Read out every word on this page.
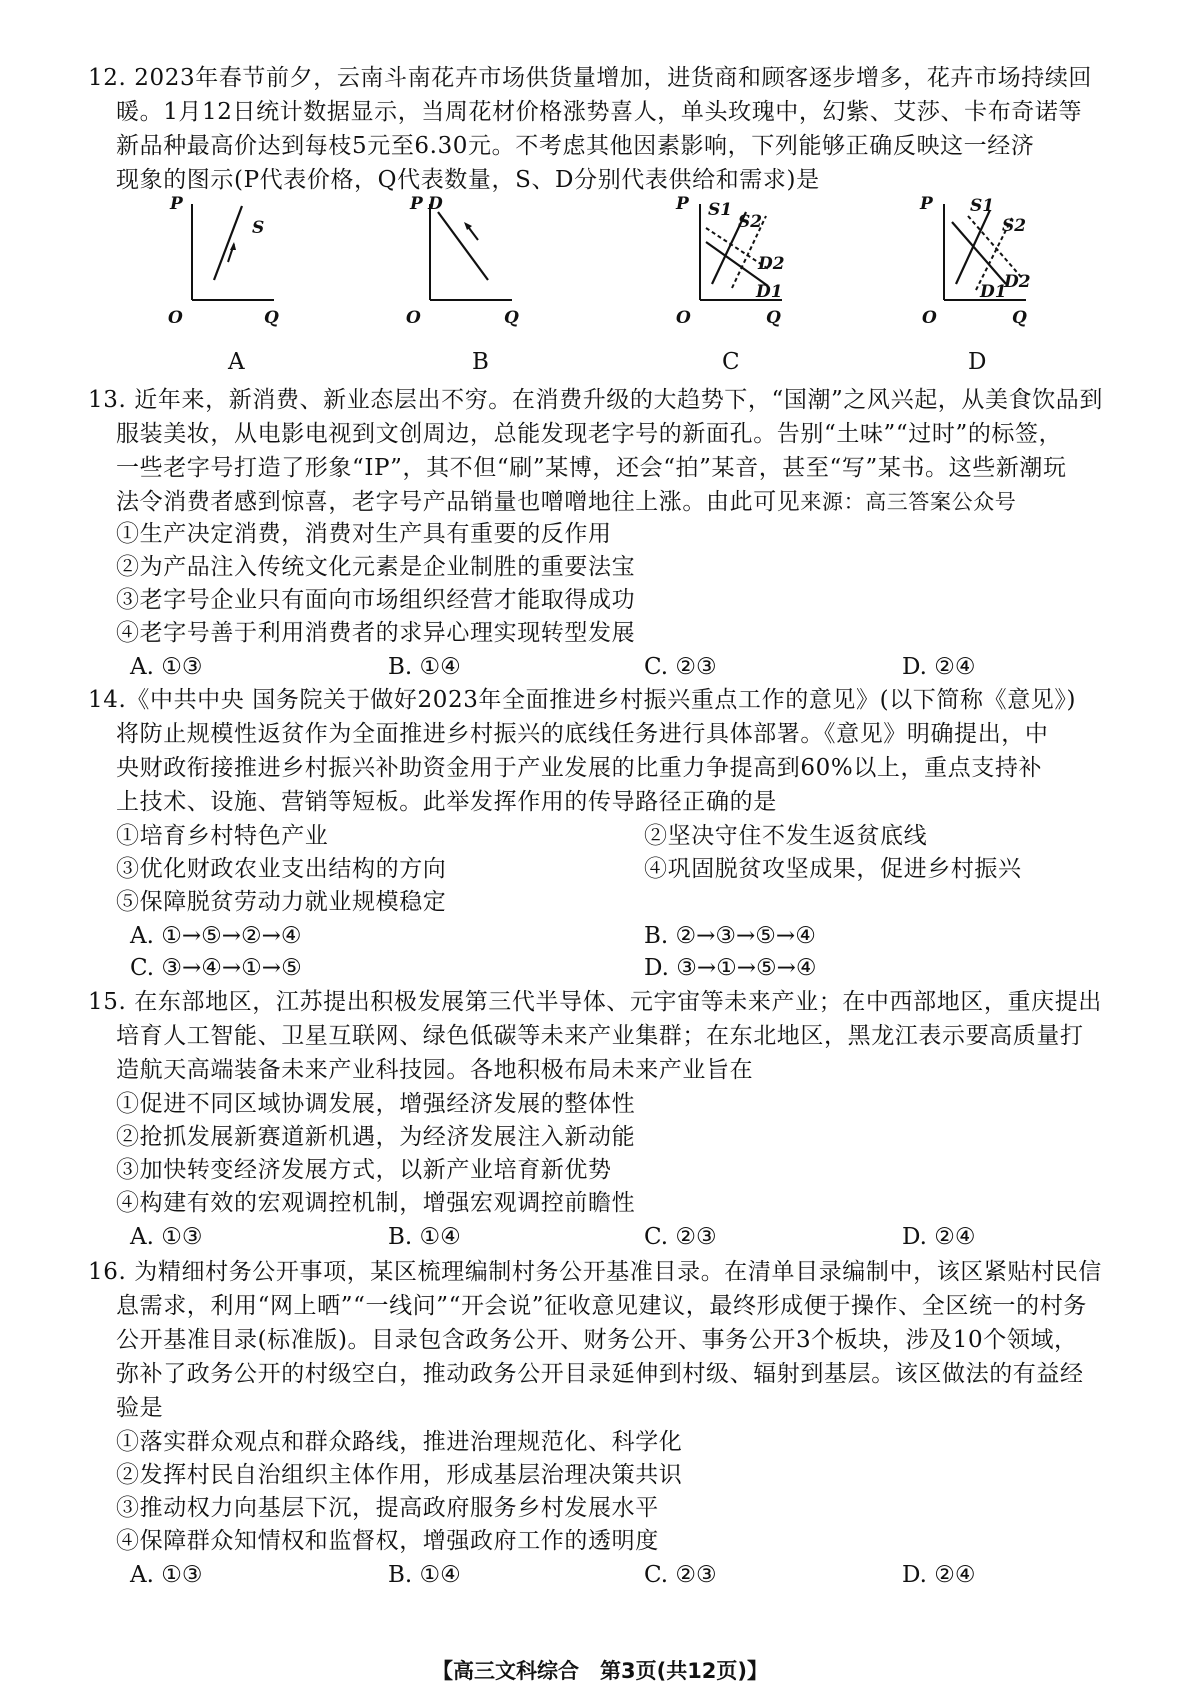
12. 2023年春节前夕，云南斗南花卉市场供货量增加，进货商和顾客逐步增多，花卉市场持续回
暖。1月12日统计数据显示，当周花材价格涨势喜人，单头玫瑰中，幻紫、艾莎、卡布奇诺等
新品种最高价达到每枝5元至6.30元。不考虑其他因素影响，下列能够正确反映这一经济
现象的图示(P代表价格，Q代表数量，S、D分别代表供给和需求)是
P
O	Q
S
A
P D
O	Q
B
P S1
S2
D2
D1
O	Q
C
P S1
S2
D1
D2
O	Q
D
13. 近年来，新消费、新业态层出不穷。在消费升级的大趋势下，“国潮”之风兴起，从美食饮品到
服装美妆，从电影电视到文创周边，总能发现老字号的新面孔。告别“土味”“过时”的标签，
一些老字号打造了形象“IP”，其不但“刷”某博，还会“拍”某音，甚至“写”某书。这些新潮玩
法令消费者感到惊喜，老字号产品销量也噌噌地往上涨。由此可见来源：高三答案公众号
①生产决定消费，消费对生产具有重要的反作用
②为产品注入传统文化元素是企业制胜的重要法宝
③老字号企业只有面向市场组织经营才能取得成功
④老字号善于利用消费者的求异心理实现转型发展
A. ①③	B. ①④	C. ②③	D. ②④
14.《中共中央 国务院关于做好2023年全面推进乡村振兴重点工作的意见》(以下简称《意见》)
将防止规模性返贫作为全面推进乡村振兴的底线任务进行具体部署。《意见》明确提出，中
央财政衔接推进乡村振兴补助资金用于产业发展的比重力争提高到60%以上，重点支持补
上技术、设施、营销等短板。此举发挥作用的传导路径正确的是
①培育乡村特色产业	②坚决守住不发生返贫底线
③优化财政农业支出结构的方向	④巩固脱贫攻坚成果，促进乡村振兴
⑤保障脱贫劳动力就业规模稳定
A. ①→⑤→②→④	B. ②→③→⑤→④
C. ③→④→①→⑤	D. ③→①→⑤→④
15. 在东部地区，江苏提出积极发展第三代半导体、元宇宙等未来产业；在中西部地区，重庆提出
培育人工智能、卫星互联网、绿色低碳等未来产业集群；在东北地区，黑龙江表示要高质量打
造航天高端装备未来产业科技园。各地积极布局未来产业旨在
①促进不同区域协调发展，增强经济发展的整体性
②抢抓发展新赛道新机遇，为经济发展注入新动能
③加快转变经济发展方式，以新产业培育新优势
④构建有效的宏观调控机制，增强宏观调控前瞻性
A. ①③	B. ①④	C. ②③	D. ②④
16. 为精细村务公开事项，某区梳理编制村务公开基准目录。在清单目录编制中，该区紧贴村民信
息需求，利用“网上晒”“一线问”“开会说”征收意见建议，最终形成便于操作、全区统一的村务
公开基准目录(标准版)。目录包含政务公开、财务公开、事务公开3个板块，涉及10个领域，
弥补了政务公开的村级空白，推动政务公开目录延伸到村级、辐射到基层。该区做法的有益经
验是
①落实群众观点和群众路线，推进治理规范化、科学化
②发挥村民自治组织主体作用，形成基层治理决策共识
③推动权力向基层下沉，提高政府服务乡村发展水平
④保障群众知情权和监督权，增强政府工作的透明度
A. ①③	B. ①④	C. ②③	D. ②④
【高三文科综合　第3页(共12页)】
